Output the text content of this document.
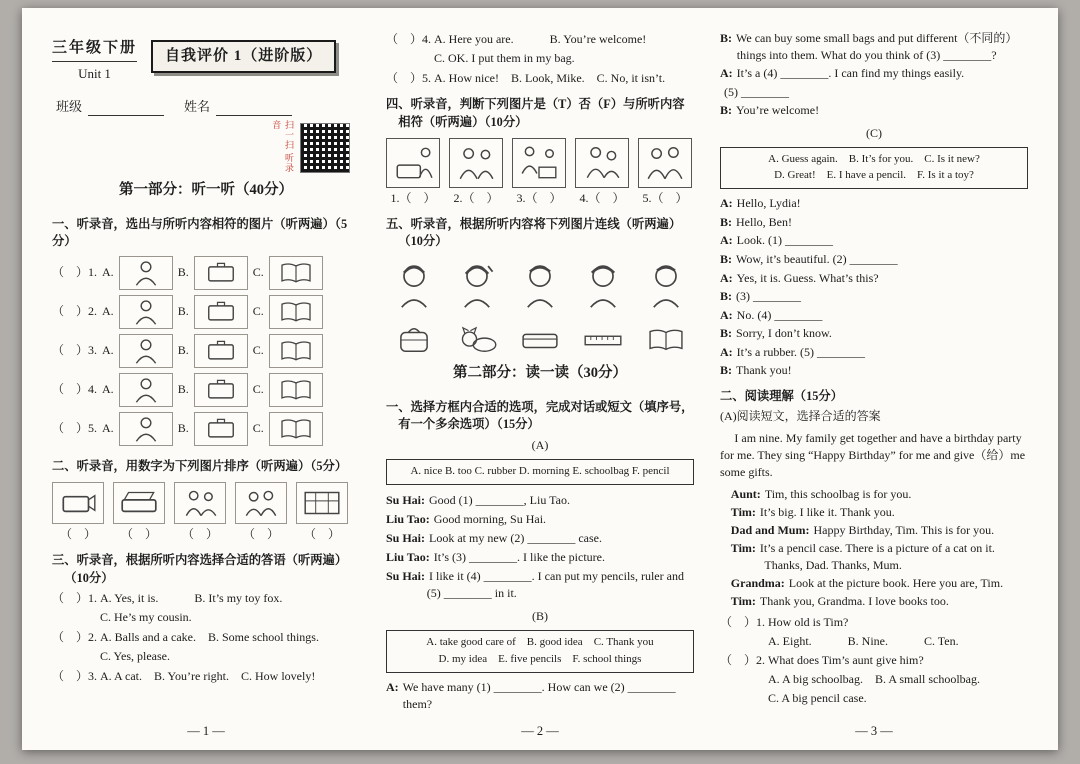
三年级下册
Unit 1
自我评价 1（进阶版）
班级	姓名
扫一扫 听录音
第一部分：听一听（40分）
一、听录音，选出与所听内容相符的图片（听两遍）（5分）
（　）1. A.	B.	C.
（　）2. A.	B.	C.
（　）3. A.	B.	C.
（　）4. A.	B.	C.
（　）5. A.	B.	C.
二、听录音，用数字为下列图片排序（听两遍）（5分）
（　） （　） （　） （　） （　）
三、听录音，根据所听内容选择合适的答语（听两遍）
（10分）
（　）1. A. Yes, it is.　　　B. It’s my toy fox.
　　　　C. He’s my cousin.
（　）2. A. Balls and a cake.　B. Some school things.
　　　　C. Yes, please.
（　）3. A. A cat.　B. You’re right.　C. How lovely!
（　）4. A. Here you are.　　　B. You’re welcome!
　　　　C. OK. I put them in my bag.
（　）5. A. How nice!　B. Look, Mike.　C. No, it isn’t.
四、听录音，判断下列图片是（T）否（F）与所听内容
相符（听两遍）（10分）
1.（　） 2.（　） 3.（　） 4.（　） 5.（　）
五、听录音，根据所听内容将下列图片连线（听两遍）
（10分）
第二部分：读一读（30分）
一、选择方框内合适的选项，完成对话或短文（填序号，
有一个多余选项）（15分）
(A)
A. nice B. too C. rubber D. morning E. schoolbag F. pencil
Su Hai: Good (1) ________, Liu Tao.
Liu Tao: Good morning, Su Hai.
Su Hai: Look at my new (2) ________ case.
Liu Tao: It’s (3) ________. I like the picture.
Su Hai: I like it (4) ________. I can put my pencils, ruler and (5) ________ in it.
(B)
A. take good care of　B. good idea　C. Thank you
D. my idea　E. five pencils　F. school things
A: We have many (1) ________. How can we (2) ________ them?
B: We can buy some small bags and put different（不同的）things into them. What do you think of (3) ________?
A: It’s a (4) ________. I can find my things easily.
(5) ________
B: You’re welcome!
(C)
A. Guess again.　B. It’s for you.　C. Is it new?
D. Great!　E. I have a pencil.　F. Is it a toy?
A: Hello, Lydia!
B: Hello, Ben!
A: Look. (1) ________
B: Wow, it’s beautiful. (2) ________
A: Yes, it is. Guess. What’s this?
B: (3) ________
A: No. (4) ________
B: Sorry, I don’t know.
A: It’s a rubber. (5) ________
B: Thank you!
二、阅读理解（15分）
(A)阅读短文，选择合适的答案
I am nine. My family get together and have a birthday party for me. They sing “Happy Birthday” for me and give（给）me some gifts.
Aunt: Tim, this schoolbag is for you.
Tim: It’s big. I like it. Thank you.
Dad and Mum: Happy Birthday, Tim. This is for you.
Tim: It’s a pencil case. There is a picture of a cat on it. Thanks, Dad. Thanks, Mum.
Grandma: Look at the picture book. Here you are, Tim.
Tim: Thank you, Grandma. I love books too.
（　）1. How old is Tim?
　　　　A. Eight.　　　B. Nine.　　　C. Ten.
（　）2. What does Tim’s aunt give him?
　　　　A. A big schoolbag.　B. A small schoolbag.
　　　　C. A big pencil case.
— 1 —	— 2 —	— 3 —
